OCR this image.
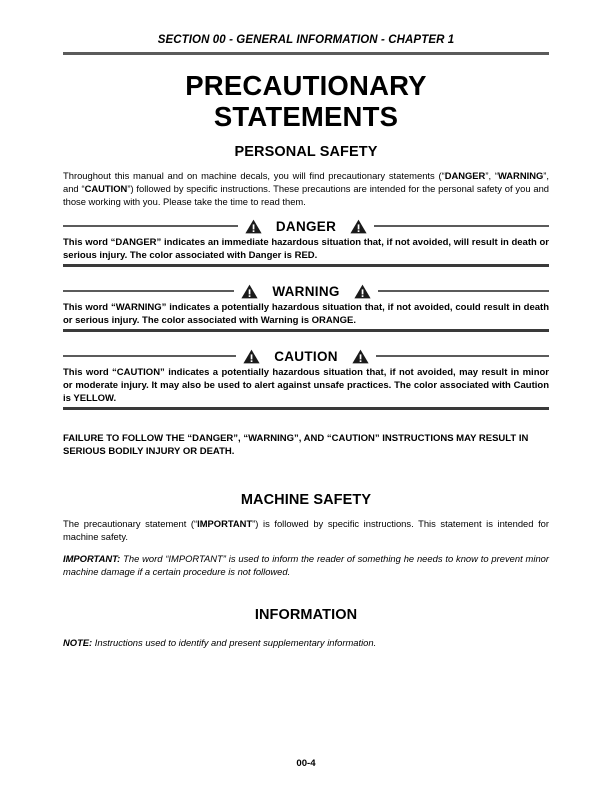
SECTION 00 - GENERAL INFORMATION - CHAPTER 1
PRECAUTIONARY
STATEMENTS
PERSONAL SAFETY
Throughout this manual and on machine decals, you will find precautionary statements (“DANGER”, “WARNING”, and “CAUTION”) followed by specific instructions. These precautions are intended for the personal safety of you and those working with you. Please take the time to read them.
DANGER
This word “DANGER” indicates an immediate hazardous situation that, if not avoided, will result in death or serious injury. The color associated with Danger is RED.
WARNING
This word “WARNING” indicates a potentially hazardous situation that, if not avoided, could result in death or serious injury. The color associated with Warning is ORANGE.
CAUTION
This word “CAUTION” indicates a potentially hazardous situation that, if not avoided, may result in minor or moderate injury. It may also be used to alert against unsafe practices. The color associated with Caution is YELLOW.
FAILURE TO FOLLOW THE “DANGER”, “WARNING”, AND “CAUTION” INSTRUCTIONS MAY RESULT IN SERIOUS BODILY INJURY OR DEATH.
MACHINE SAFETY
The precautionary statement (“IMPORTANT”) is followed by specific instructions. This statement is intended for machine safety.
IMPORTANT: The word “IMPORTANT” is used to inform the reader of something he needs to know to prevent minor machine damage if a certain procedure is not followed.
INFORMATION
NOTE: Instructions used to identify and present supplementary information.
00-4
